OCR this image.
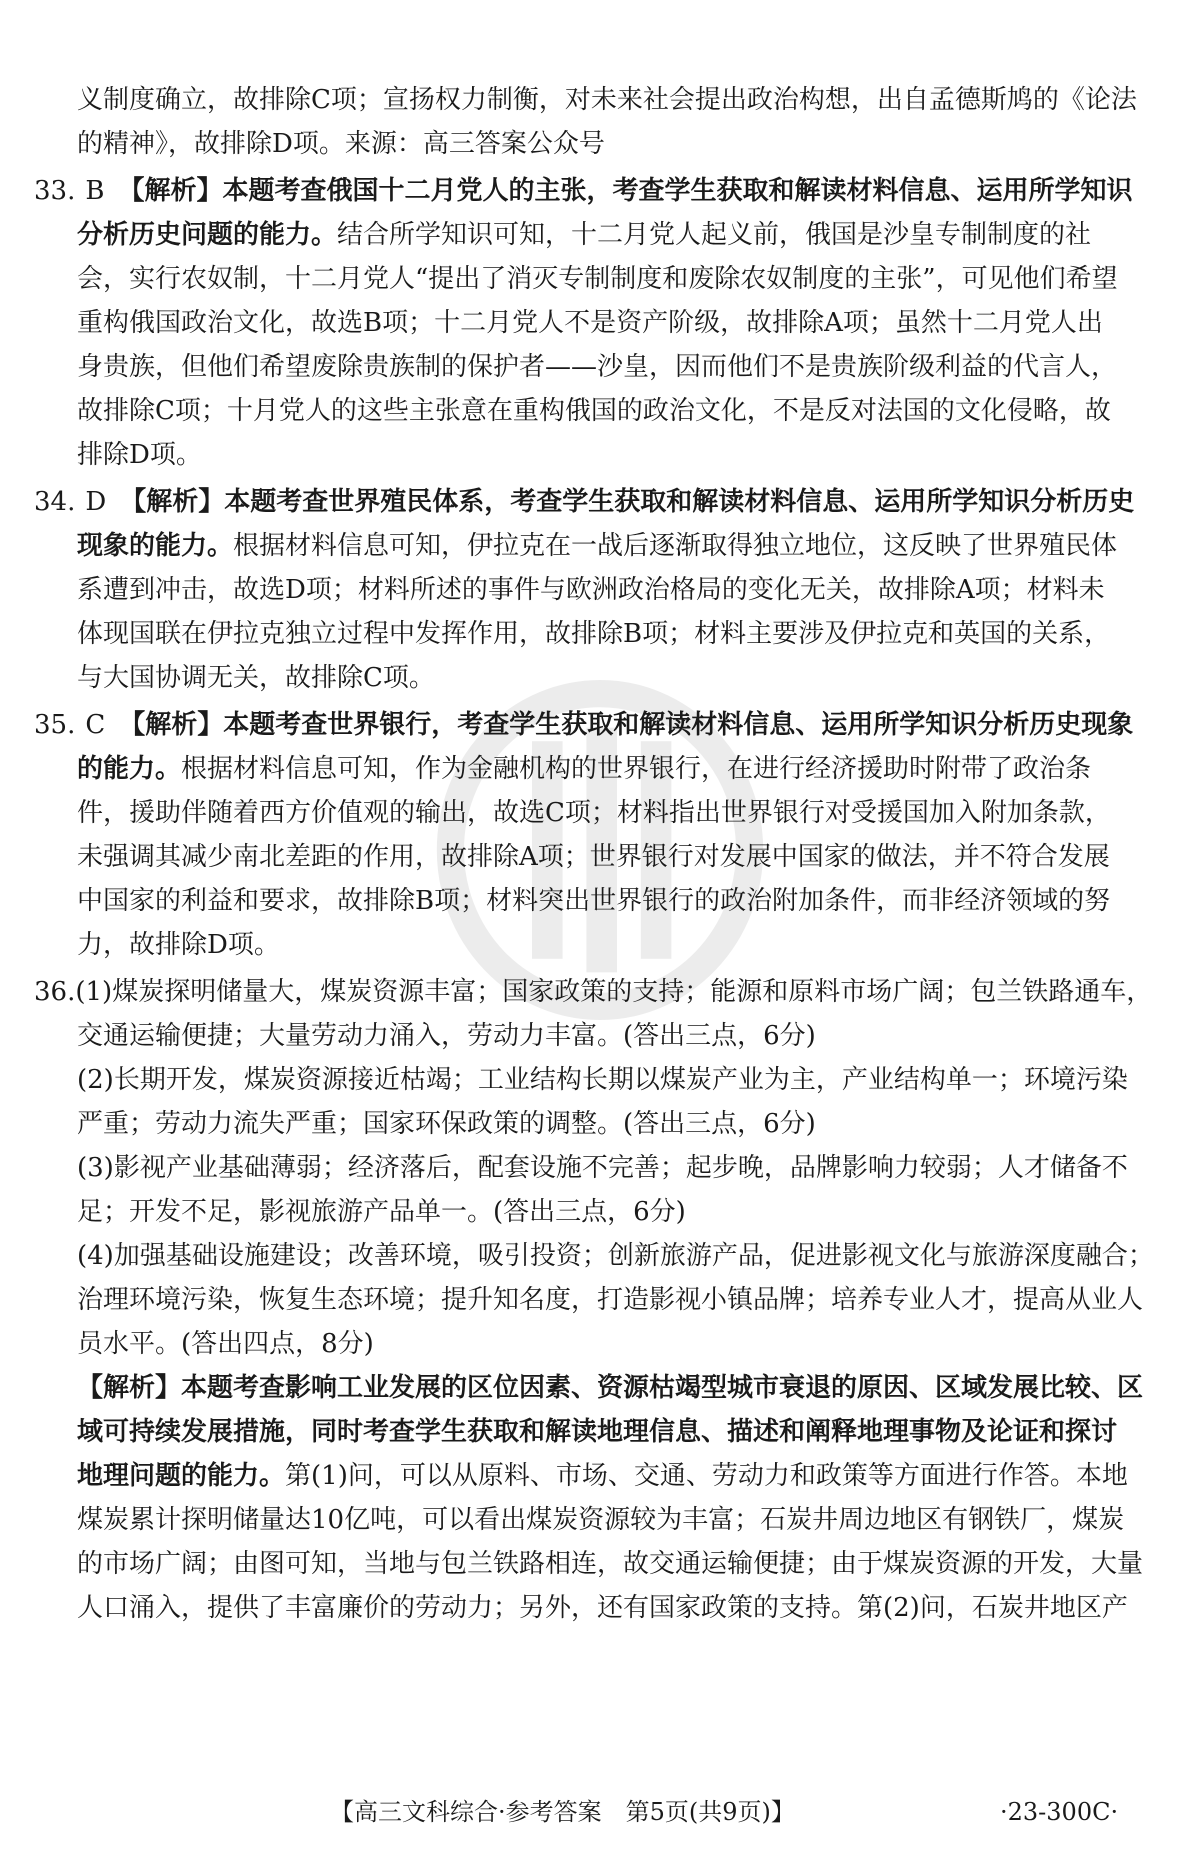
义制度确立，故排除C项；宣扬权力制衡，对未来社会提出政治构想，出自孟德斯鸠的《论法
的精神》，故排除D项。来源：高三答案公众号
33. B 【解析】本题考查俄国十二月党人的主张，考查学生获取和解读材料信息、运用所学知识
分析历史问题的能力。结合所学知识可知，十二月党人起义前，俄国是沙皇专制制度的社
会，实行农奴制，十二月党人“提出了消灭专制制度和废除农奴制度的主张”，可见他们希望
重构俄国政治文化，故选B项；十二月党人不是资产阶级，故排除A项；虽然十二月党人出
身贵族，但他们希望废除贵族制的保护者——沙皇，因而他们不是贵族阶级利益的代言人，
故排除C项；十月党人的这些主张意在重构俄国的政治文化，不是反对法国的文化侵略，故
排除D项。
34. D 【解析】本题考查世界殖民体系，考查学生获取和解读材料信息、运用所学知识分析历史
现象的能力。根据材料信息可知，伊拉克在一战后逐渐取得独立地位，这反映了世界殖民体
系遭到冲击，故选D项；材料所述的事件与欧洲政治格局的变化无关，故排除A项；材料未
体现国联在伊拉克独立过程中发挥作用，故排除B项；材料主要涉及伊拉克和英国的关系，
与大国协调无关，故排除C项。
35. C 【解析】本题考查世界银行，考查学生获取和解读材料信息、运用所学知识分析历史现象
的能力。根据材料信息可知，作为金融机构的世界银行，在进行经济援助时附带了政治条
件，援助伴随着西方价值观的输出，故选C项；材料指出世界银行对受援国加入附加条款，
未强调其减少南北差距的作用，故排除A项；世界银行对发展中国家的做法，并不符合发展
中国家的利益和要求，故排除B项；材料突出世界银行的政治附加条件，而非经济领域的努
力，故排除D项。
36.(1)煤炭探明储量大，煤炭资源丰富；国家政策的支持；能源和原料市场广阔；包兰铁路通车，
交通运输便捷；大量劳动力涌入，劳动力丰富。(答出三点，6分)
(2)长期开发，煤炭资源接近枯竭；工业结构长期以煤炭产业为主，产业结构单一；环境污染
严重；劳动力流失严重；国家环保政策的调整。(答出三点，6分)
(3)影视产业基础薄弱；经济落后，配套设施不完善；起步晚，品牌影响力较弱；人才储备不
足；开发不足，影视旅游产品单一。(答出三点，6分)
(4)加强基础设施建设；改善环境，吸引投资；创新旅游产品，促进影视文化与旅游深度融合；
治理环境污染，恢复生态环境；提升知名度，打造影视小镇品牌；培养专业人才，提高从业人
员水平。(答出四点，8分)
【解析】本题考查影响工业发展的区位因素、资源枯竭型城市衰退的原因、区域发展比较、区
域可持续发展措施，同时考查学生获取和解读地理信息、描述和阐释地理事物及论证和探讨
地理问题的能力。第(1)问，可以从原料、市场、交通、劳动力和政策等方面进行作答。本地
煤炭累计探明储量达10亿吨，可以看出煤炭资源较为丰富；石炭井周边地区有钢铁厂，煤炭
的市场广阔；由图可知，当地与包兰铁路相连，故交通运输便捷；由于煤炭资源的开发，大量
人口涌入，提供了丰富廉价的劳动力；另外，还有国家政策的支持。第(2)问，石炭井地区产
【高三文科综合·参考答案　第5页(共9页)】	·23-300C·
